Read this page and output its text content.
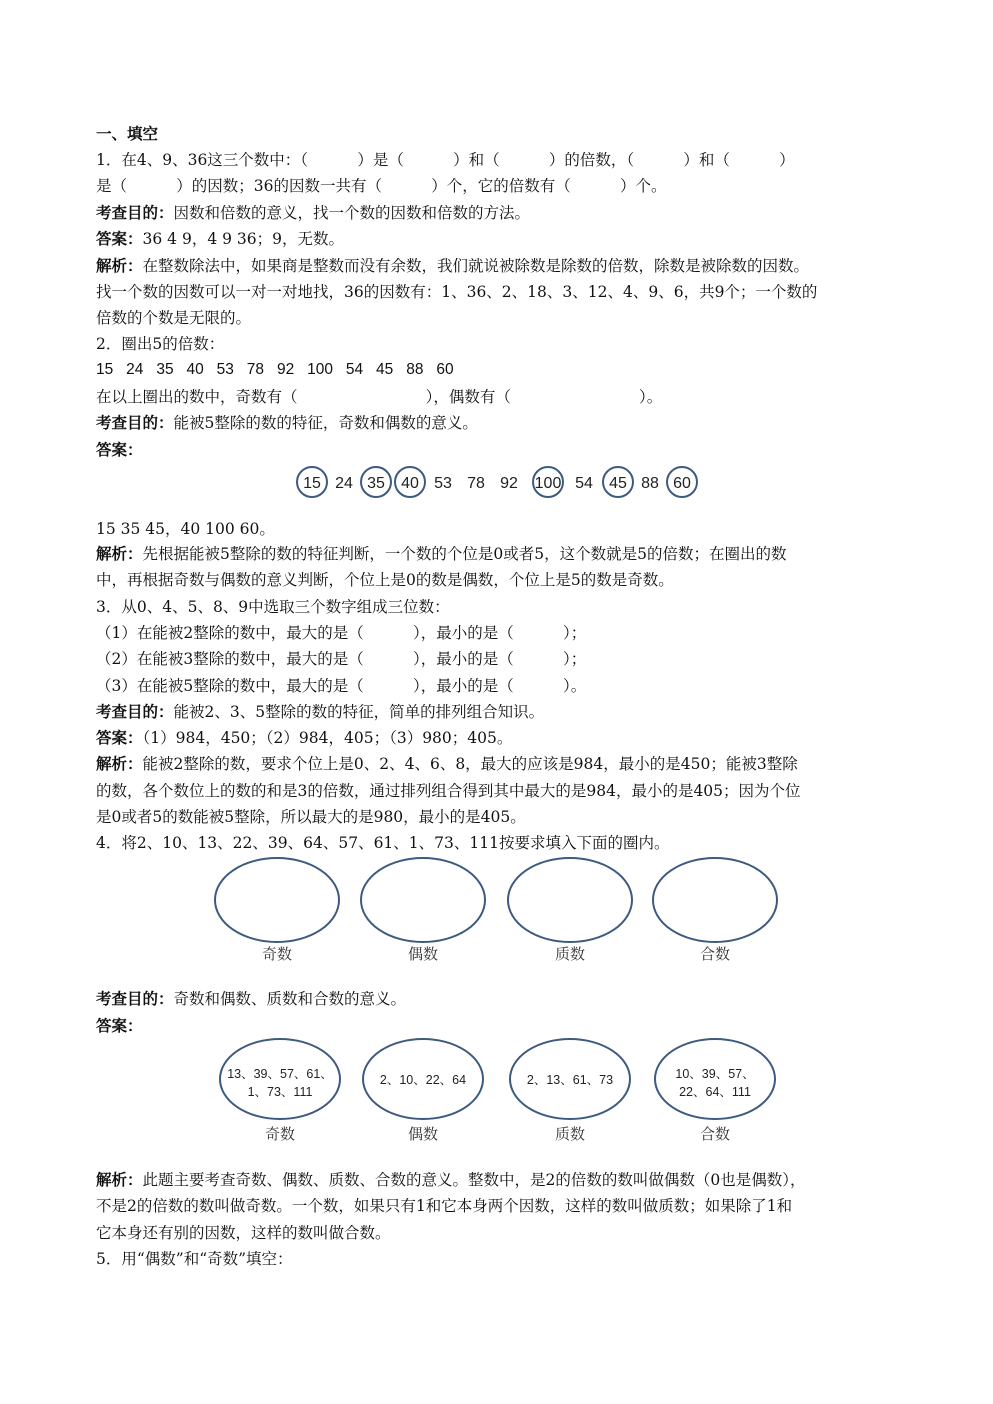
一、填空
1．在4、9、36这三个数中：（          ）是（          ）和（          ）的倍数，（          ）和（          ）
是（          ）的因数；36的因数一共有（          ）个，它的倍数有（          ）个。
考查目的：因数和倍数的意义，找一个数的因数和倍数的方法。
答案：36 4 9，4 9 36；9，无数。
解析：在整数除法中，如果商是整数而没有余数，我们就说被除数是除数的倍数，除数是被除数的因数。
找一个数的因数可以一对一对地找，36的因数有：1、36、2、18、3、12、4、9、6，共9个；一个数的
倍数的个数是无限的。
2．圈出5的倍数：
15   24   35   40   53   78   92   100   54   45   88   60
在以上圈出的数中，奇数有（                          ），偶数有（                          ）。
考查目的：能被5整除的数的特征，奇数和偶数的意义。
答案：
15 24 35 40 53 78 92 100 54 45 88 60
15 35 45，40 100 60。
解析：先根据能被5整除的数的特征判断，一个数的个位是0或者5，这个数就是5的倍数；在圈出的数
中，再根据奇数与偶数的意义判断，个位上是0的数是偶数，个位上是5的数是奇数。
3．从0、4、5、8、9中选取三个数字组成三位数：
（1）在能被2整除的数中，最大的是（          ），最小的是（          ）；
（2）在能被3整除的数中，最大的是（          ），最小的是（          ）；
（3）在能被5整除的数中，最大的是（          ），最小的是（          ）。
考查目的：能被2、3、5整除的数的特征，简单的排列组合知识。
答案：（1）984，450；（2）984，405；（3）980；405。
解析：能被2整除的数，要求个位上是0、2、4、6、8，最大的应该是984，最小的是450；能被3整除
的数，各个数位上的数的和是3的倍数，通过排列组合得到其中最大的是984，最小的是405；因为个位
是0或者5的数能被5整除，所以最大的是980，最小的是405。
4．将2、10、13、22、39、64、57、61、1、73、111按要求填入下面的圈内。
奇数	偶数	质数	合数
考查目的：奇数和偶数、质数和合数的意义。
答案：
13、39、57、61、
1、73、111
奇数
2、10、22、64
偶数
2、13、61、73
质数
10、39、57、
22、64、111
合数
解析：此题主要考查奇数、偶数、质数、合数的意义。整数中，是2的倍数的数叫做偶数（0也是偶数），
不是2的倍数的数叫做奇数。一个数，如果只有1和它本身两个因数，这样的数叫做质数；如果除了1和
它本身还有别的因数，这样的数叫做合数。
5．用“偶数”和“奇数”填空：
